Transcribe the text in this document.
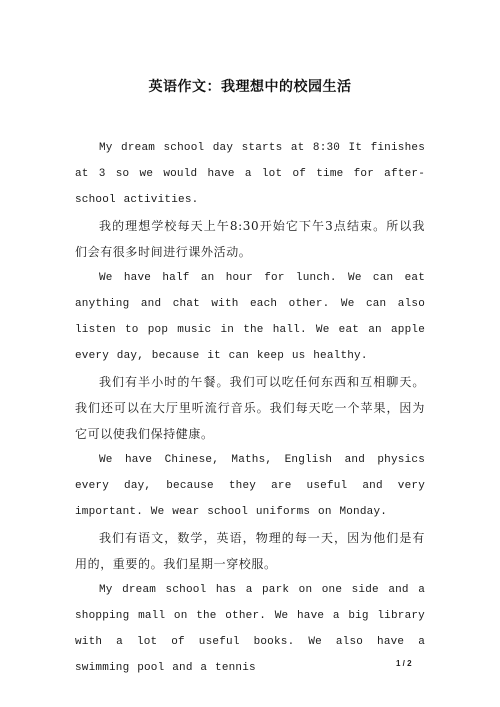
英语作文：我理想中的校园生活

My dream school day starts at 8:30 It finishes at 3 so we would have a lot of time for after-school activities.

我的理想学校每天上午8:30开始它下午3点结束。所以我们会有很多时间进行课外活动。

We have half an hour for lunch. We can eat anything and chat with each other. We can also listen to pop music in the hall. We eat an apple every day, because it can keep us healthy.

我们有半小时的午餐。我们可以吃任何东西和互相聊天。我们还可以在大厅里听流行音乐。我们每天吃一个苹果，因为它可以使我们保持健康。

We have Chinese, Maths, English and physics every day, because they are useful and very important. We wear school uniforms on Monday.

我们有语文，数学，英语，物理的每一天，因为他们是有用的，重要的。我们星期一穿校服。

My dream school has a park on one side and a shopping mall on the other. We have a big library with a lot of useful books. We also have a swimming pool and a tennis	1 / 2
